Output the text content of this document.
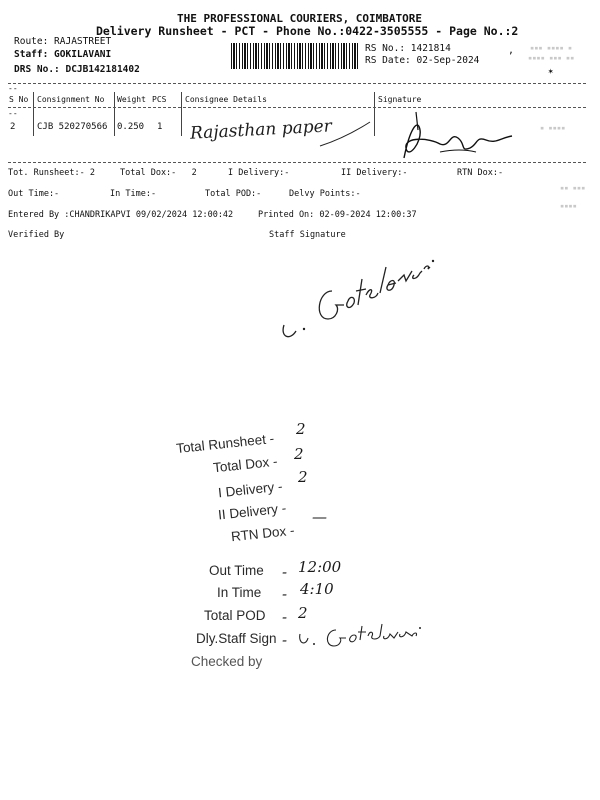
THE PROFESSIONAL COURIERS, COIMBATORE
Delivery Runsheet - PCT - Phone No.:0422-3505555 - Page No.:2
Route: RAJASTREET
Staff: GOKILAVANI
DRS No.: DCJB142181402
RS No.: 1421814
RS Date: 02-Sep-2024
,
✶
▪▪▪ ▪▪▪▪ ▪
▪▪▪▪ ▪▪▪ ▪▪
▪ ▪▪▪▪
▪▪ ▪▪▪
▪▪▪▪
--
S No Consignment No Weight PCS Consignee Details	Signature
--
2 CJB 520270566 0.250 1 Rajasthan paper
Tot. Runsheet:- 2	Total Dox:-   2	I Delivery:-	II Delivery:-	RTN Dox:-
Out Time:-	In Time:-	Total POD:-	Delvy Points:-
Entered By :CHANDRIKAPVI 09/02/2024 12:00:42	Printed On: 02-09-2024 12:00:37
Verified By	Staff Signature
Total Runsheet -
2
Total Dox - 2
I Delivery -
2
II Delivery -
RTN Dox -
—
Out Time - 12:00
In Time - 4:10
Total POD - 2
Dly.Staff Sign -
Checked by
